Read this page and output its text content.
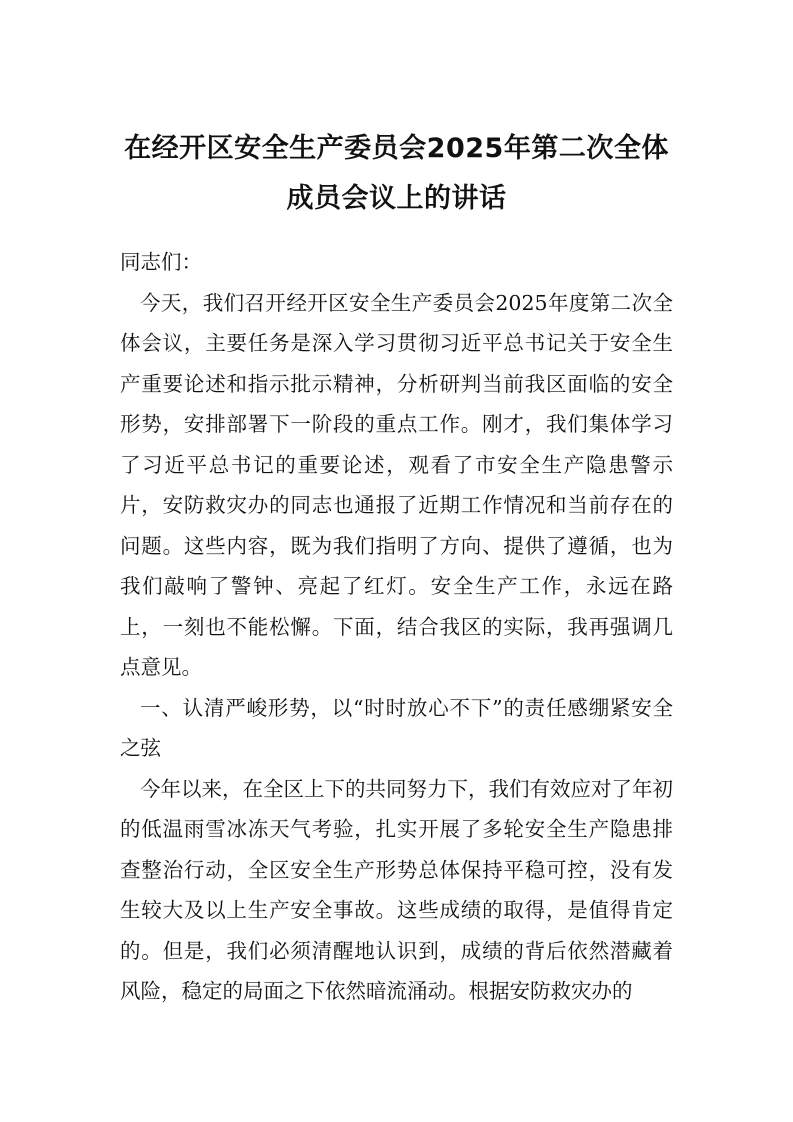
在经开区安全生产委员会2025年第二次全体成员会议上的讲话

同志们：

今天，我们召开经开区安全生产委员会2025年度第二次全体会议，主要任务是深入学习贯彻习近平总书记关于安全生产重要论述和指示批示精神，分析研判当前我区面临的安全形势，安排部署下一阶段的重点工作。刚才，我们集体学习了习近平总书记的重要论述，观看了市安全生产隐患警示片，安防救灾办的同志也通报了近期工作情况和当前存在的问题。这些内容，既为我们指明了方向、提供了遵循，也为我们敲响了警钟、亮起了红灯。安全生产工作，永远在路上，一刻也不能松懈。下面，结合我区的实际，我再强调几点意见。

一、认清严峻形势，以“时时放心不下”的责任感绷紧安全之弦

今年以来，在全区上下的共同努力下，我们有效应对了年初的低温雨雪冰冻天气考验，扎实开展了多轮安全生产隐患排查整治行动，全区安全生产形势总体保持平稳可控，没有发生较大及以上生产安全事故。这些成绩的取得，是值得肯定的。但是，我们必须清醒地认识到，成绩的背后依然潜藏着风险，稳定的局面之下依然暗流涌动。根据安防救灾办的
